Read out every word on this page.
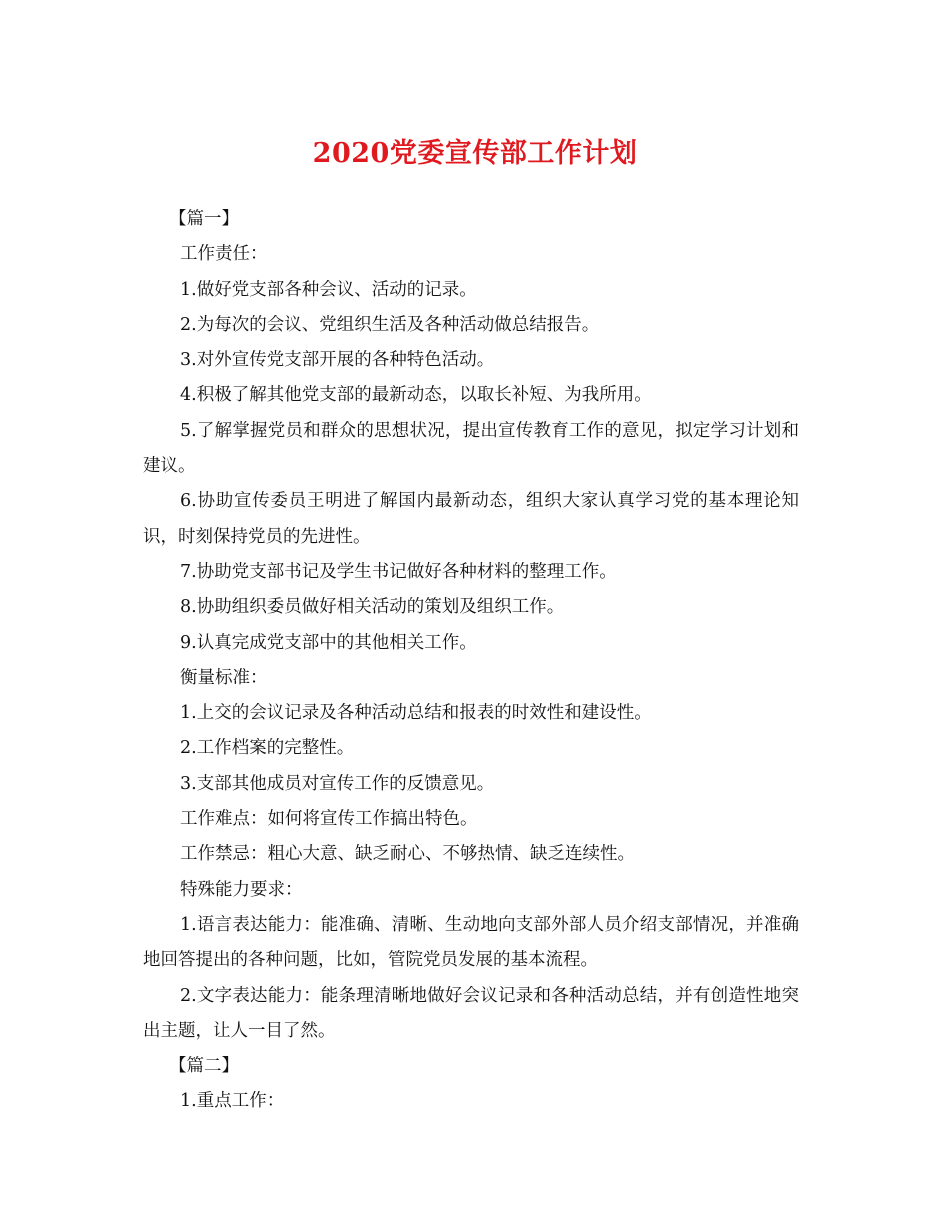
2020党委宣传部工作计划

【篇一】

工作责任：

1.做好党支部各种会议、活动的记录。

2.为每次的会议、党组织生活及各种活动做总结报告。

3.对外宣传党支部开展的各种特色活动。

4.积极了解其他党支部的最新动态，以取长补短、为我所用。

5.了解掌握党员和群众的思想状况，提出宣传教育工作的意见，拟定学习计划和建议。

6.协助宣传委员王明进了解国内最新动态，组织大家认真学习党的基本理论知识，时刻保持党员的先进性。

7.协助党支部书记及学生书记做好各种材料的整理工作。

8.协助组织委员做好相关活动的策划及组织工作。

9.认真完成党支部中的其他相关工作。

衡量标准：

1.上交的会议记录及各种活动总结和报表的时效性和建设性。

2.工作档案的完整性。

3.支部其他成员对宣传工作的反馈意见。

工作难点：如何将宣传工作搞出特色。

工作禁忌：粗心大意、缺乏耐心、不够热情、缺乏连续性。

特殊能力要求：

1.语言表达能力：能准确、清晰、生动地向支部外部人员介绍支部情况，并准确地回答提出的各种问题，比如，管院党员发展的基本流程。

2.文字表达能力：能条理清晰地做好会议记录和各种活动总结，并有创造性地突出主题，让人一目了然。

【篇二】

1.重点工作：
